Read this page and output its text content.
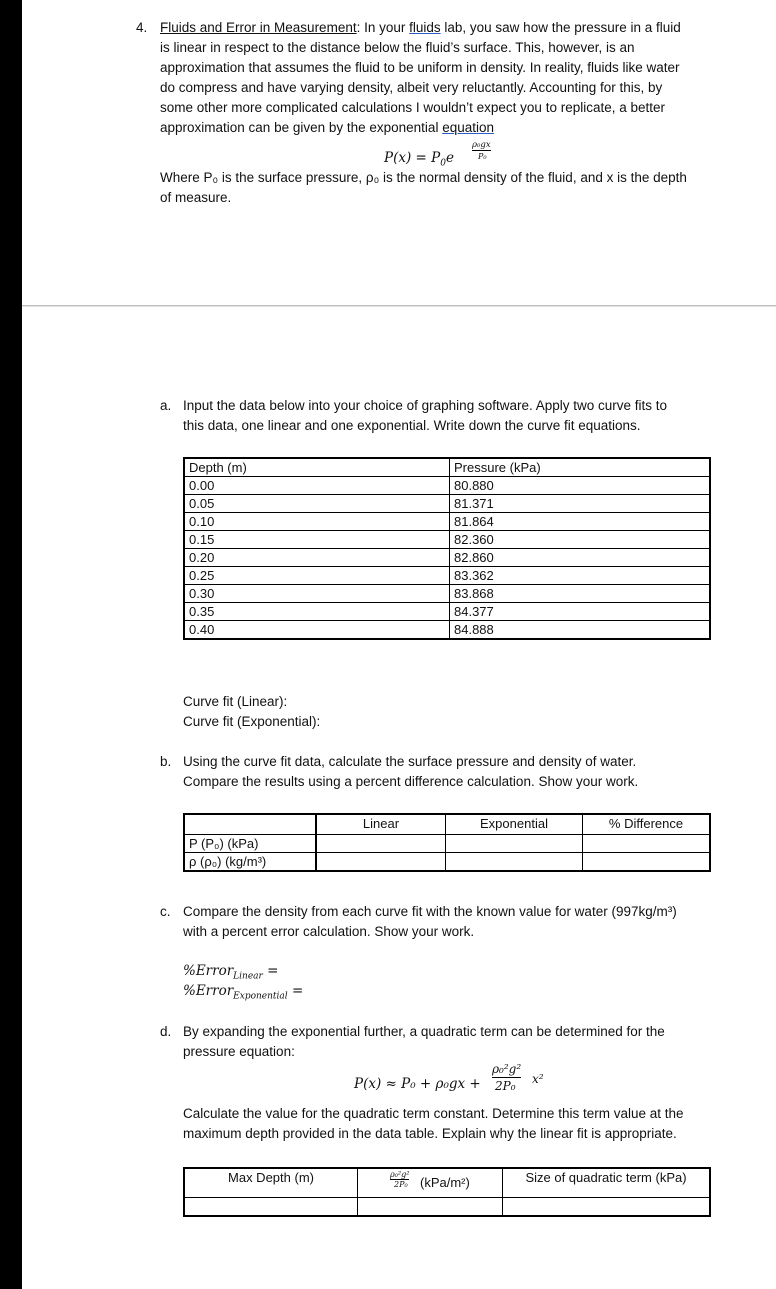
4. Fluids and Error in Measurement: In your fluids lab, you saw how the pressure in a fluid
is linear in respect to the distance below the fluid’s surface. This, however, is an
approximation that assumes the fluid to be uniform in density. In reality, fluids like water
do compress and have varying density, albeit very reluctantly. Accounting for this, by
some other more complicated calculations I wouldn’t expect you to replicate, a better
approximation can be given by the exponential equation
$P(x) = P_0e$
ρ₀gx
P₀
Where P₀ is the surface pressure, ρ₀ is the normal density of the fluid, and x is the depth
of measure.
a. Input the data below into your choice of graphing software. Apply two curve fits to
this data, one linear and one exponential. Write down the curve fit equations.
Depth (m)	Pressure (kPa)
0.00	80.880
0.05	81.371
0.10	81.864
0.15	82.360
0.20	82.860
0.25	83.362
0.30	83.868
0.35	84.377
0.40	84.888
Curve fit (Linear):
Curve fit (Exponential):
b. Using the curve fit data, calculate the surface pressure and density of water.
Compare the results using a percent difference calculation. Show your work.
	Linear	Exponential	% Difference
P (P₀) (kPa)			
ρ (ρ₀) (kg/m³)			
c. Compare the density from each curve fit with the known value for water (997kg/m³)
with a percent error calculation. Show your work.
%Error$_{Linear}$ =
%Error$_{Exponential}$ =
d. By expanding the exponential further, a quadratic term can be determined for the
pressure equation:
P(x) ≈ P₀ + ρ₀gx +
ρ₀²g²
2P₀ x²
Calculate the value for the quadratic term constant. Determine this term value at the
maximum depth provided in the data table. Explain why the linear fit is appropriate.
Max Depth (m)	ρ₀²g²
2P₀ (kPa/m²)	Size of quadratic term (kPa)
